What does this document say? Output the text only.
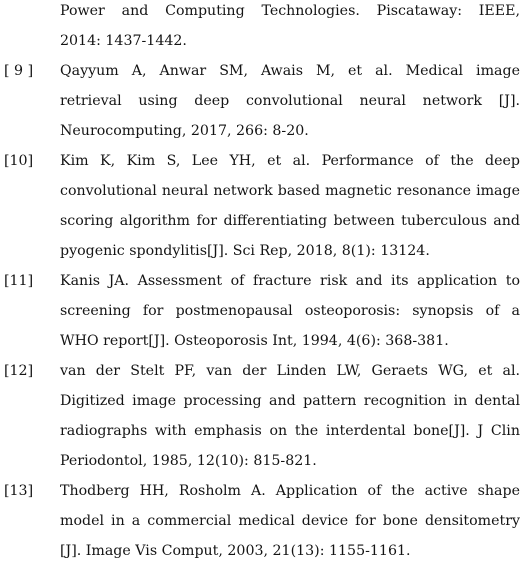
Power and Computing Technologies. Piscataway: IEEE,
2014: 1437-1442.
[ 9 ]	Qayyum A, Anwar SM, Awais M, et al. Medical image
retrieval using deep convolutional neural network [J].
Neurocomputing, 2017, 266: 8-20.
[10]	Kim K, Kim S, Lee YH, et al. Performance of the deep
convolutional neural network based magnetic resonance image
scoring algorithm for differentiating between tuberculous and
pyogenic spondylitis[J]. Sci Rep, 2018, 8(1): 13124.
[11]	Kanis JA. Assessment of fracture risk and its application to
screening for postmenopausal osteoporosis: synopsis of a
WHO report[J]. Osteoporosis Int, 1994, 4(6): 368-381.
[12]	van der Stelt PF, van der Linden LW, Geraets WG, et al.
Digitized image processing and pattern recognition in dental
radiographs with emphasis on the interdental bone[J]. J Clin
Periodontol, 1985, 12(10): 815-821.
[13]	Thodberg HH, Rosholm A. Application of the active shape
model in a commercial medical device for bone densitometry
[J]. Image Vis Comput, 2003, 21(13): 1155-1161.
